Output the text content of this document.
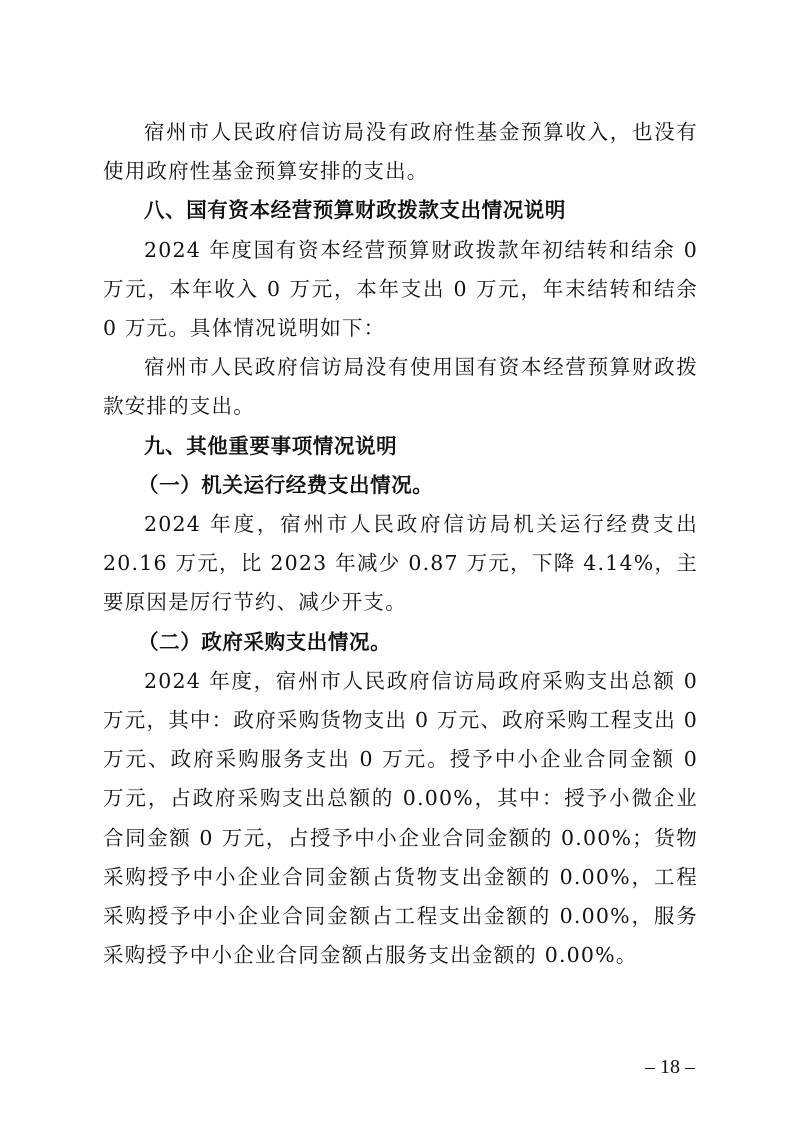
宿州市人民政府信访局没有政府性基金预算收入，也没有使用政府性基金预算安排的支出。

八、国有资本经营预算财政拨款支出情况说明

2024 年度国有资本经营预算财政拨款年初结转和结余 0 万元，本年收入 0 万元，本年支出 0 万元，年末结转和结余 0 万元。具体情况说明如下：

宿州市人民政府信访局没有使用国有资本经营预算财政拨款安排的支出。

九、其他重要事项情况说明

（一）机关运行经费支出情况。

2024 年度，宿州市人民政府信访局机关运行经费支出 20.16 万元，比 2023 年减少 0.87 万元，下降 4.14%，主要原因是厉行节约、减少开支。

（二）政府采购支出情况。

2024 年度，宿州市人民政府信访局政府采购支出总额 0 万元，其中：政府采购货物支出 0 万元、政府采购工程支出 0 万元、政府采购服务支出 0 万元。授予中小企业合同金额 0 万元，占政府采购支出总额的 0.00%，其中：授予小微企业合同金额 0 万元，占授予中小企业合同金额的 0.00%；货物采购授予中小企业合同金额占货物支出金额的 0.00%，工程采购授予中小企业合同金额占工程支出金额的 0.00%，服务采购授予中小企业合同金额占服务支出金额的 0.00%。

– 18 –
